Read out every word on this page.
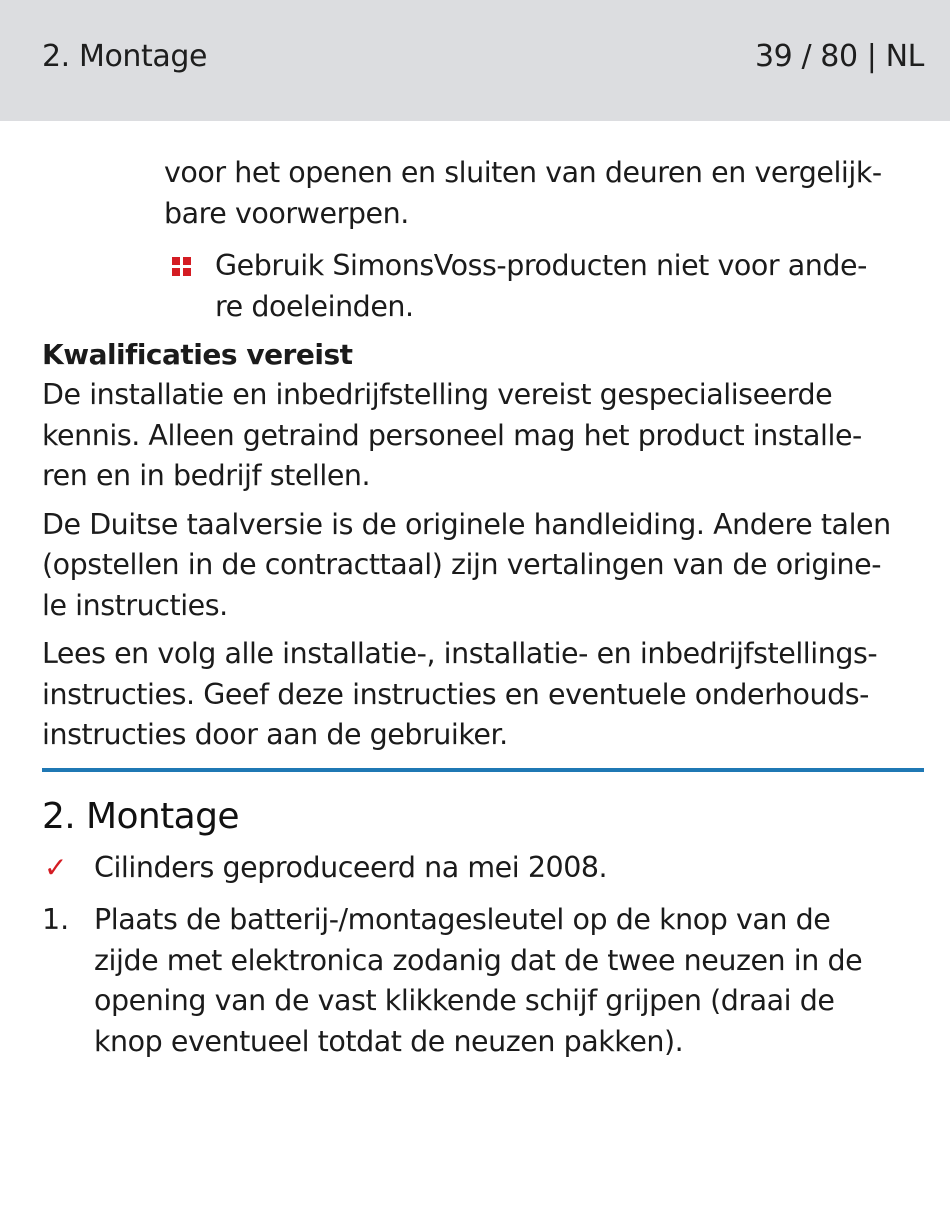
2. Montage	39 / 80 | NL
voor het openen en sluiten van deuren en vergelijk-
bare voorwerpen.
Gebruik SimonsVoss-producten niet voor ande-
re doeleinden.
Kwalificaties vereist
De installatie en inbedrijfstelling vereist gespecialiseerde
kennis. Alleen getraind personeel mag het product installe-
ren en in bedrijf stellen.
De Duitse taalversie is de originele handleiding. Andere talen
(opstellen in de contracttaal) zijn vertalingen van de origine-
le instructies.
Lees en volg alle installatie-, installatie- en inbedrijfstellings-
instructies. Geef deze instructies en eventuele onderhouds-
instructies door aan de gebruiker.
2. Montage
✓ Cilinders geproduceerd na mei 2008.
1. Plaats de batterij-/montagesleutel op de knop van de
zijde met elektronica zodanig dat de twee neuzen in de
opening van de vast klikkende schijf grijpen (draai de
knop eventueel totdat de neuzen pakken).
